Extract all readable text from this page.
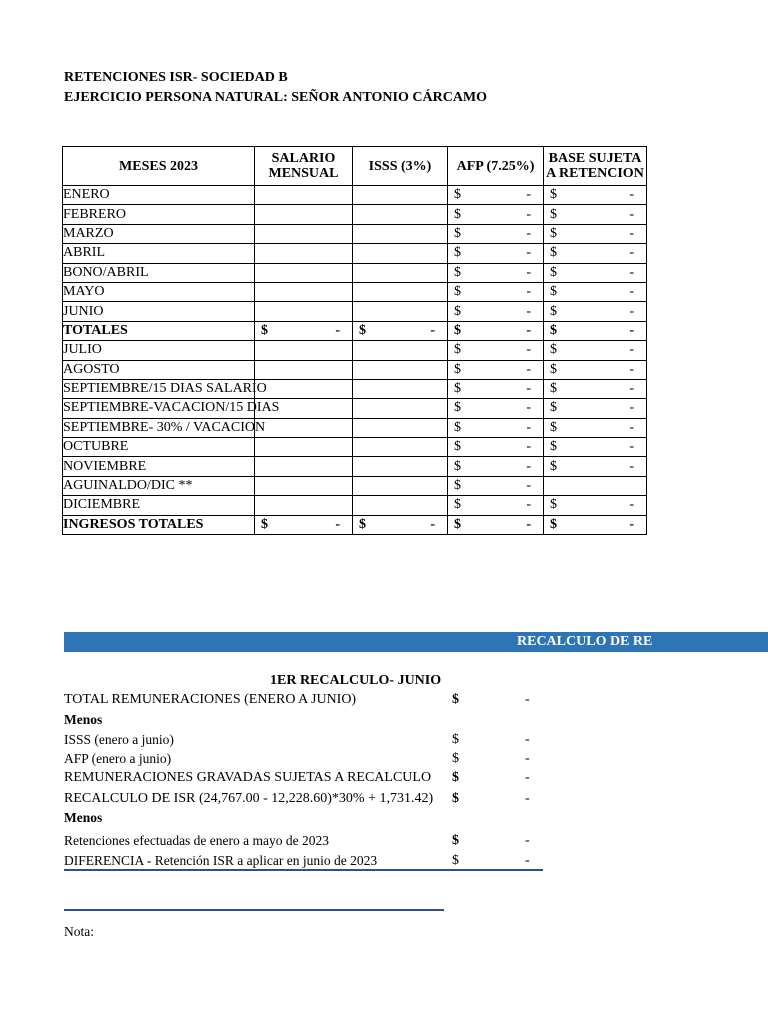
RETENCIONES ISR- SOCIEDAD B
EJERCICIO PERSONA NATURAL: SEÑOR ANTONIO CÁRCAMO
MESES 2023	SALARIO MENSUAL	ISSS (3%)	AFP (7.25%)	BASE SUJETA A RETENCION
ENERO			$ -	$ -

FEBRERO			$ -	$ -

MARZO			$ -	$ -

ABRIL			$ -	$ -

BONO/ABRIL			$ -	$ -

MAYO			$ -	$ -

JUNIO			$ -	$ -

TOTALES	$ -	$ -	$ -	$ -

JULIO			$ -	$ -

AGOSTO			$ -	$ -

SEPTIEMBRE/15 DIAS SALARIO			$ -	$ -

SEPTIEMBRE-VACACION/15 DIAS			$ -	$ -

SEPTIEMBRE- 30% / VACACION			$ -	$ -

OCTUBRE			$ -	$ -

NOVIEMBRE			$ -	$ -

AGUINALDO/DIC **			$ -	

DICIEMBRE			$ -	$ -

INGRESOS TOTALES	$ -	$ -	$ -	$ -
RECALCULO DE RE
1ER RECALCULO- JUNIO
TOTAL REMUNERACIONES (ENERO A JUNIO)	$	-
Menos
ISSS (enero a junio)	$	-
AFP (enero a junio)	$	-
REMUNERACIONES GRAVADAS SUJETAS A RECALCULO $	-
RECALCULO DE ISR (24,767.00 - 12,228.60)*30% + 1,731.42) $	-
Menos
Retenciones efectuadas de enero a mayo de 2023	$	-
DIFERENCIA - Retención ISR a aplicar en junio de 2023	$	-
Nota:
